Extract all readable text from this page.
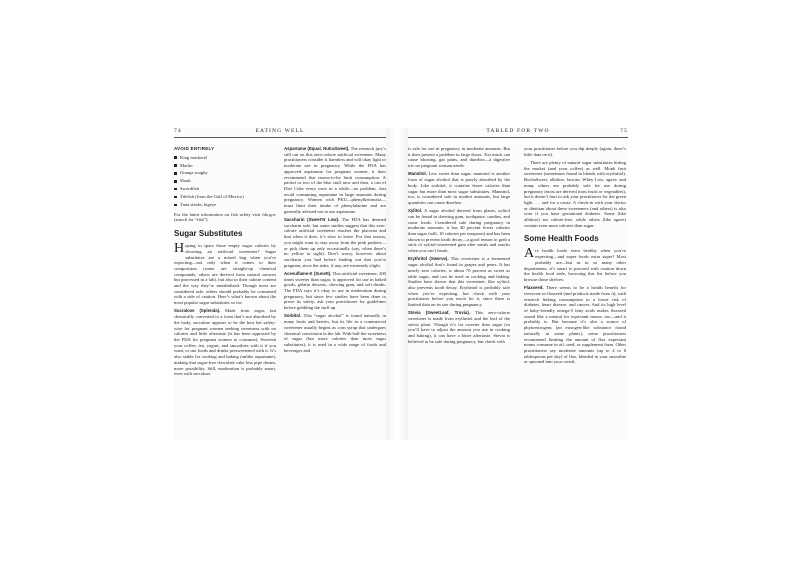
74	EATING WELL
AVOID ENTIRELY
King mackerel
Marlin
Orange roughy
Shark
Swordfish
Tilefish (from the Gulf of Mexico)
Tuna steaks, bigeye

For the latest information on fish safety visit fda.gov (search for “fish”).

Sugar Substitutes

Hoping to spare those empty sugar calories by choosing an artificial sweetener? Sugar substitutes are a mixed bag when you’re expecting—not only when it comes to their composition (some are straight-up chemical compounds, others are derived from natural sources but processed in a lab), but also in their calorie content and the way they’re metabolized. Though most are considered safe, others should probably be consumed with a side of caution. Here’s what’s known about the most popular sugar substitutes so far:

Sucralose (Splenda). Made from sugar, but chemically converted to a form that’s not absorbed by the body, sucralose appears to be the best bet safety-wise for pregnant women seeking sweetness with no calories and little aftertaste (it has been approved by the FDA for pregnant women to consume). Sweeten your coffee, tea, yogurt, and smoothies with it if you want, or use foods and drinks presweetened with it. It’s also stable for cooking and baking (unlike aspartame), making that sugar-free chocolate cake less pipe dream, more possibility. Still, moderation is probably smart, even with sucralose.

Aspartame (Equal, NutraSweet). The research jury’s still out on this zero-calorie artificial sweetener. Many practitioners consider it harmless and will okay light or moderate use in pregnancy. While the FDA has approved aspartame for pregnant women, it does recommend that moms-to-be limit consumption. A packet or two of the blue stuff now and then, a can of Diet Coke every once in a while—no problem. Just avoid consuming aspartame in large amounts during pregnancy. Women with PKU—phenylketonuria—must limit their intake of phenylalanine and are generally advised not to use aspartame.

Saccharin (Sweet’N Low). The FDA has deemed saccharin safe, but some studies suggest that this zero-calorie artificial sweetener reaches the placenta and that when it does, it’s slow to leave. For that reason, you might want to stay away from the pink packets—or pick them up only occasionally (say, when there’s no yellow in sight). Don’t worry, however, about saccharin you had before finding out that you’re pregnant, since the risks, if any, are extremely slight.

Acesulfame-K (Sunett). This artificial sweetener, 200 times sweeter than sugar, is approved for use in baked goods, gelatin desserts, chewing gum, and soft drinks. The FDA says it’s okay to use in moderation during pregnancy, but since few studies have been done to prove its safety, ask your practitioner for guidelines before gobbling the stuff up.

Sorbitol. This “sugar alcohol” is found naturally in many fruits and berries, but its life as a commercial sweetener usually begins as corn syrup that undergoes chemical conversion in the lab. With half the sweetness of sugar (but more calories than most sugar substitutes), it is used in a wide range of foods and beverages and

TABLED FOR TWO	75

is safe for use in pregnancy in moderate amounts. But it does present a problem in large doses. Too much can cause bloating, gas pains, and diarrhea—a digestive trio no pregnant woman needs.

Mannitol. Less sweet than sugar, mannitol is another form of sugar alcohol that is poorly absorbed by the body. Like sorbitol, it contains fewer calories than sugar but more than most sugar substitutes. Mannitol, too, is considered safe in modest amounts, but large quantities can cause diarrhea.

Xylitol. A sugar alcohol derived from plants, xylitol can be found in chewing gum, toothpaste, candies, and some foods. Considered safe during pregnancy in moderate amounts, it has 40 percent fewer calories than sugar (still, 10 calories per teaspoon) and has been shown to prevent tooth decay—a good reason to grab a stick of xylitol-sweetened gum after meals and snacks when you can’t brush.

Erythritol (Swerve). This sweetener is a fermented sugar alcohol that’s found in grapes and pears. It has nearly zero calories, is about 70 percent as sweet as table sugar, and can be used in cooking and baking. Studies have shown that this sweetener, like xylitol, also prevents tooth decay. Erythritol is probably safe when you’re expecting, but check with your practitioner before you reach for it, since there is limited data on its use during pregnancy.

Stevia (SweetLeaf, Truvia). This zero-calorie sweetener is made from erythritol and the leaf of the stevia plant. Though it’s far sweeter than sugar (so you’ll have to adjust the amount you use in cooking and baking), it can have a bitter aftertaste. Stevia is believed to be safe during pregnancy, but check with

your practitioner before you dip deeply (again, there’s little data on it).

There are plenty of natural sugar substitutes hitting the market (and your coffee) as well. Monk fruit sweetener (sometimes found in blends with erythritol), BochaSweet, allulose, lactose, Whey Low, agave, and many others are probably safe for use during pregnancy (most are derived from fruits or vegetables), but it doesn’t hurt to ask your practitioner for the green light . . . and for a cause. A check-in with your doctor or dietitian about these sweeteners (and others) is also wise if you have gestational diabetes. Some (like allulose) are calorie-free, while others (like agave) contain even more calories than sugar.

Some Health Foods

Are health foods extra healthy when you’re expecting—and super foods extra super? Most probably are—but as in so many other departments, it’s smart to proceed with caution down the health food aisle, browsing this list before you browse those shelves:

Flaxseed. There seems to be a health benefit for everyone in flaxseed (and products made from it), with research linking consumption to a lower risk of diabetes, heart disease, and cancer. And its high level of baby-friendly omega-3 fatty acids makes flaxseed sound like a natural for expectant moms, too—and it probably is. But because it’s also a source of phytoestrogens (an estrogen-like substance found naturally in some plants), some practitioners recommend limiting the amount of flax expectant moms consume in oil, seed, or supplement form. Other practitioners say moderate amounts (up to 4 to 6 tablespoons per day) of flax, blended in your smoothie or spooned into your cereal,
